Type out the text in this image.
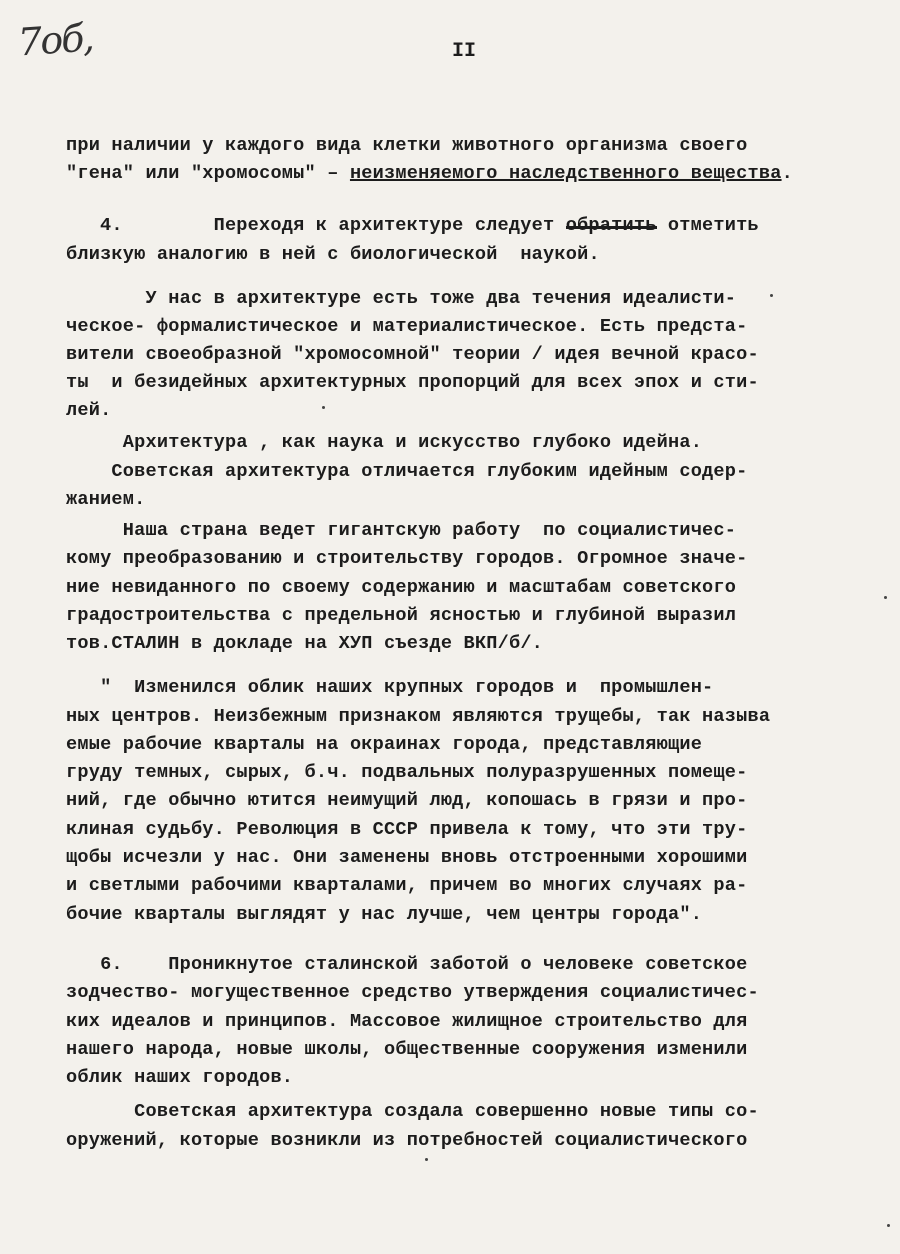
7об,	II
при наличии у каждого вида клетки животного организма своего
"гена" или "хромосомы" – неизменяемого наследственного вещества.
4.        Переходя к архитектуре следует обратить отметить
близкую аналогию в ней с биологической  наукой.
У нас в архитектуре есть тоже два течения идеалисти-
ческое- формалистическое и материалистическое. Есть предста-
вители своеобразной "хромосомной" теории / идея вечной красо-
ты  и безидейных архитектурных пропорций для всех эпох и сти-
лей.
Архитектура , как наука и искусство глубоко идейна.
Советская архитектура отличается глубоким идейным содер-
жанием.
Наша страна ведет гигантскую работу  по социалистичес-
кому преобразованию и строительству городов. Огромное значе-
ние невиданного по своему содержанию и масштабам советского
градостроительства с предельной ясностью и глубиной выразил
тов.СТАЛИН в докладе на ХУП съезде ВКП/б/.
"  Изменился облик наших крупных городов и  промышлен-
ных центров. Неизбежным признаком являются трущебы, так называ
емые рабочие кварталы на окраинах города, представляющие
груду темных, сырых, б.ч. подвальных полуразрушенных помеще-
ний, где обычно ютится неимущий люд, копошась в грязи и про-
клиная судьбу. Революция в СССР привела к тому, что эти тру-
щобы исчезли у нас. Они заменены вновь отстроенными хорошими
и светлыми рабочими кварталами, причем во многих случаях ра-
бочие кварталы выглядят у нас лучше, чем центры города".
6.    Проникнутое сталинской заботой о человеке советское
зодчество- могущественное средство утверждения социалистичес-
ких идеалов и принципов. Массовое жилищное строительство для
нашего народа, новые школы, общественные сооружения изменили
облик наших городов.
Советская архитектура создала совершенно новые типы со-
оружений, которые возникли из потребностей социалистического
